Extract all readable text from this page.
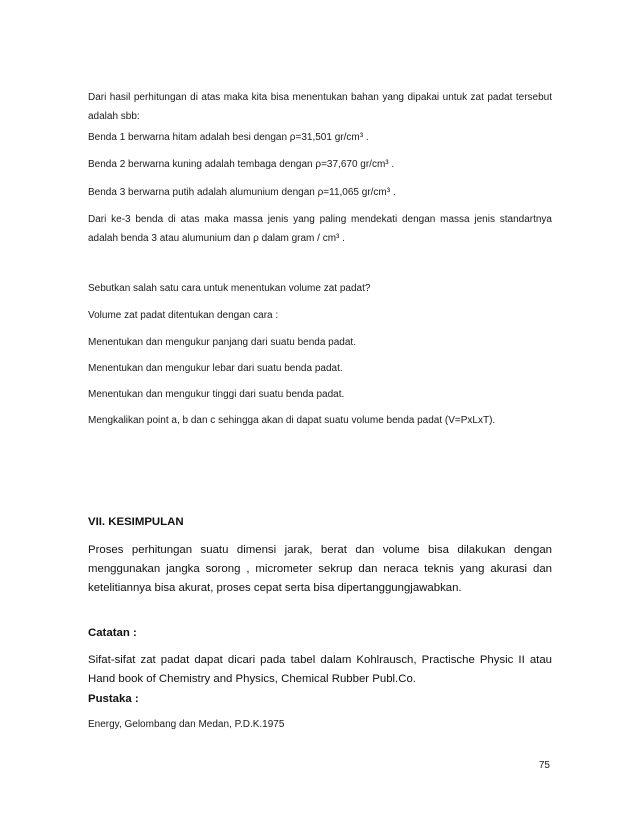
Dari hasil perhitungan di atas maka kita bisa menentukan bahan yang dipakai untuk zat padat tersebut adalah sbb:

Benda 1 berwarna hitam adalah besi dengan ρ=31,501 gr/cm³ .

Benda 2 berwarna kuning adalah tembaga dengan ρ=37,670 gr/cm³ .

Benda 3 berwarna putih adalah alumunium dengan ρ=11,065 gr/cm³ .

Dari ke-3 benda di atas maka massa jenis yang paling mendekati dengan massa jenis standartnya adalah benda 3 atau alumunium dan ρ dalam gram / cm³ .

Sebutkan salah satu cara untuk menentukan volume zat padat?

Volume zat padat ditentukan dengan cara :

Menentukan dan mengukur panjang dari suatu benda padat.

Menentukan dan mengukur lebar dari suatu benda padat.

Menentukan dan mengukur tinggi dari suatu benda padat.

Mengkalikan point a, b dan c sehingga akan di dapat suatu volume benda padat (V=PxLxT).

VII. KESIMPULAN

Proses perhitungan suatu dimensi jarak, berat dan volume bisa dilakukan dengan menggunakan jangka sorong , micrometer sekrup dan neraca teknis yang akurasi dan ketelitiannya bisa akurat, proses cepat serta bisa dipertanggungjawabkan.

Catatan :

Sifat-sifat zat padat dapat dicari pada tabel dalam Kohlrausch, Practische Physic II atau Hand book of Chemistry and Physics, Chemical Rubber Publ.Co.

Pustaka :

Energy, Gelombang dan Medan, P.D.K.1975

75
